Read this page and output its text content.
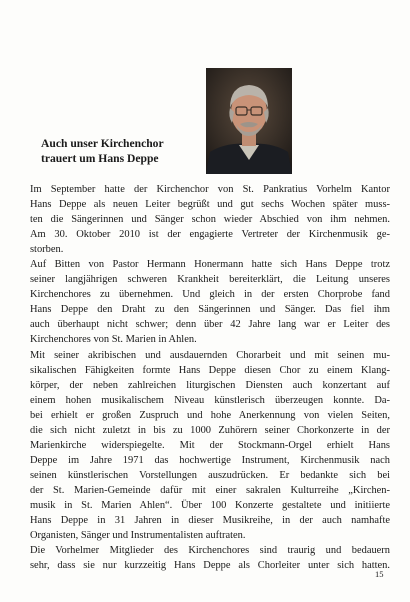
Auch unser Kirchenchor
trauert um Hans Deppe
Im September hatte der Kirchenchor von St. Pankratius Vorhelm Kantor
Hans Deppe als neuen Leiter begrüßt und gut sechs Wochen später muss-
ten die Sängerinnen und Sänger schon wieder Abschied von ihm nehmen.
Am 30. Oktober 2010 ist der engagierte Vertreter der Kirchenmusik ge-
storben.
Auf Bitten von Pastor Hermann Honermann hatte sich Hans Deppe trotz
seiner langjährigen schweren Krankheit bereiterklärt, die Leitung unseres
Kirchenchores zu übernehmen. Und gleich in der ersten Chorprobe fand
Hans Deppe den Draht zu den Sängerinnen und Sänger. Das fiel ihm
auch überhaupt nicht schwer; denn über 42 Jahre lang war er Leiter des
Kirchenchores von St. Marien in Ahlen.
Mit seiner akribischen und ausdauernden Chorarbeit und mit seinen mu-
sikalischen Fähigkeiten formte Hans Deppe diesen Chor zu einem Klang-
körper, der neben zahlreichen liturgischen Diensten auch konzertant auf
einem hohen musikalischem Niveau künstlerisch überzeugen konnte. Da-
bei erhielt er großen Zuspruch und hohe Anerkennung von vielen Seiten,
die sich nicht zuletzt in bis zu 1000 Zuhörern seiner Chorkonzerte in der
Marienkirche widerspiegelte. Mit der Stockmann-Orgel erhielt Hans
Deppe im Jahre 1971 das hochwertige Instrument, Kirchenmusik nach
seinen künstlerischen Vorstellungen auszudrücken. Er bedankte sich bei
der St. Marien-Gemeinde dafür mit einer sakralen Kulturreihe „Kirchen-
musik in St. Marien Ahlen“. Über 100 Konzerte gestaltete und initiierte
Hans Deppe in 31 Jahren in dieser Musikreihe, in der auch namhafte
Organisten, Sänger und Instrumentalisten auftraten.
Die Vorhelmer Mitglieder des Kirchenchores sind traurig und bedauern
sehr, dass sie nur kurzzeitig Hans Deppe als Chorleiter unter sich hatten.
15
